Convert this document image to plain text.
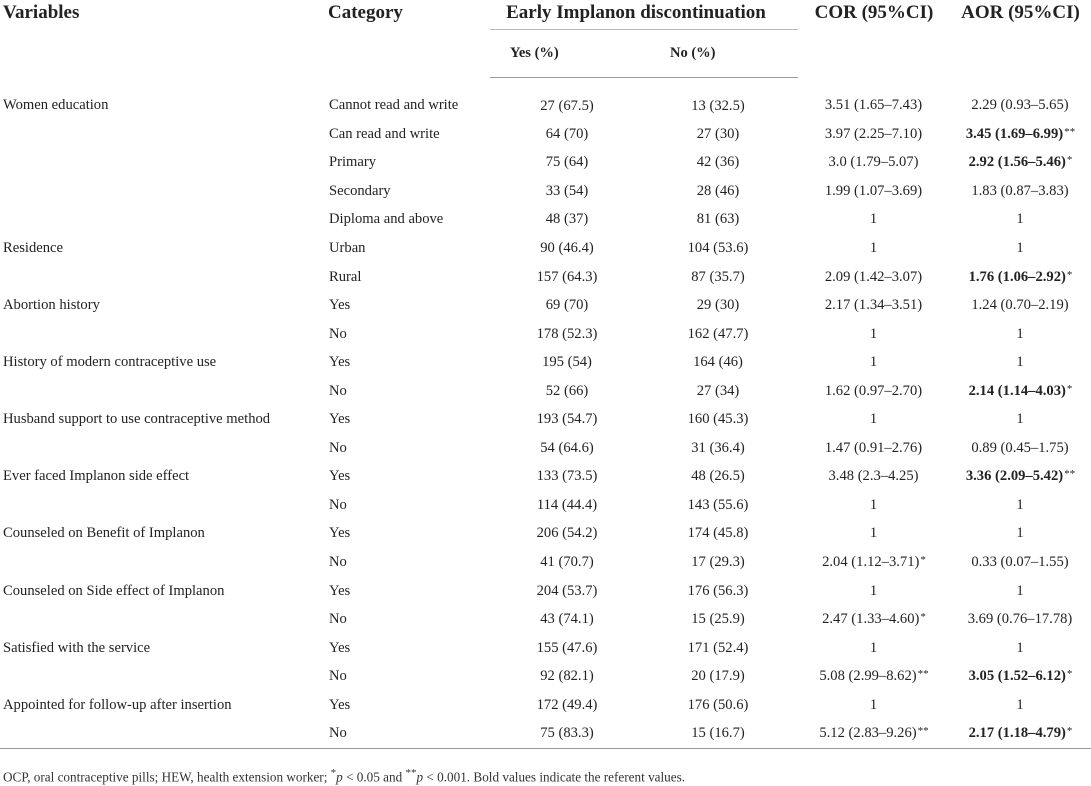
Variables	Category	Early Implanon discontinuation		COR (95%CI)	AOR (95%CI)
		Yes (%)	No (%)		
Women education	Cannot read and write	27 (67.5)	13 (32.5)	3.51 (1.65–7.43)	2.29 (0.93–5.65)
	Can read and write	64 (70)	27 (30)	3.97 (2.25–7.10)	3.45 (1.69–6.99)**
	Primary	75 (64)	42 (36)	3.0 (1.79–5.07)	2.92 (1.56–5.46)*
	Secondary	33 (54)	28 (46)	1.99 (1.07–3.69)	1.83 (0.87–3.83)
	Diploma and above	48 (37)	81 (63)	1	1
Residence	Urban	90 (46.4)	104 (53.6)	1	1
	Rural	157 (64.3)	87 (35.7)	2.09 (1.42–3.07)	1.76 (1.06–2.92)*
Abortion history	Yes	69 (70)	29 (30)	2.17 (1.34–3.51)	1.24 (0.70–2.19)
	No	178 (52.3)	162 (47.7)	1	1
History of modern contraceptive use	Yes	195 (54)	164 (46)	1	1
	No	52 (66)	27 (34)	1.62 (0.97–2.70)	2.14 (1.14–4.03)*
Husband support to use contraceptive method	Yes	193 (54.7)	160 (45.3)	1	1
	No	54 (64.6)	31 (36.4)	1.47 (0.91–2.76)	0.89 (0.45–1.75)
Ever faced Implanon side effect	Yes	133 (73.5)	48 (26.5)	3.48 (2.3–4.25)	3.36 (2.09–5.42)**
	No	114 (44.4)	143 (55.6)	1	1
Counseled on Benefit of Implanon	Yes	206 (54.2)	174 (45.8)	1	1
	No	41 (70.7)	17 (29.3)	2.04 (1.12–3.71)*	0.33 (0.07–1.55)
Counseled on Side effect of Implanon	Yes	204 (53.7)	176 (56.3)	1	1
	No	43 (74.1)	15 (25.9)	2.47 (1.33–4.60)*	3.69 (0.76–17.78)
Satisfied with the service	Yes	155 (47.6)	171 (52.4)	1	1
	No	92 (82.1)	20 (17.9)	5.08 (2.99–8.62)**	3.05 (1.52–6.12)*
Appointed for follow-up after insertion	Yes	172 (49.4)	176 (50.6)	1	1
	No	75 (83.3)	15 (16.7)	5.12 (2.83–9.26)**	2.17 (1.18–4.79)*
OCP, oral contraceptive pills; HEW, health extension worker; *p < 0.05 and **p < 0.001. Bold values indicate the referent values.
